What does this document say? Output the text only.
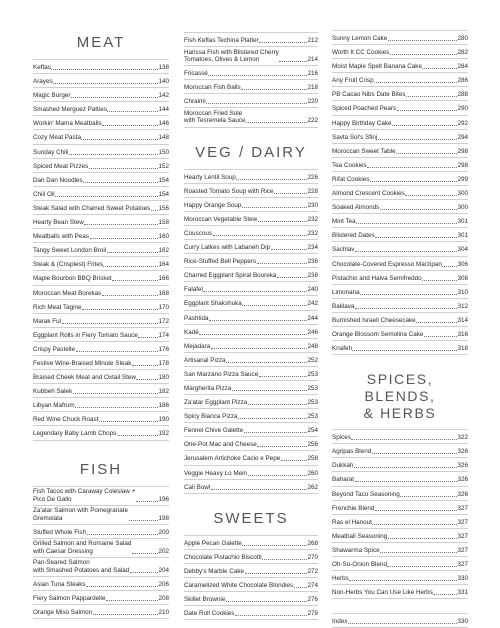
MEAT
Keftas	138
Arayes	140
Magic Burger	142
Smashed Merguez Patties	144
Workin' Mama Meatballs	146
Cozy Meat Pasta	148
Sunday Chili	150
Spiced Meat Pizzes	152
Dan Dan Noodles	154
Chili Oil	154
Steak Salad with Charred Sweet Potatoes 156
Hearty Bean Stew	158
Meatballs with Peas	160
Tangy Sweet London Broil	162
Steak & (Crispiest) Frites	164
Maple Bourbon BBQ Brisket	166
Moroccan Meat Borekas	168
Rich Meat Tagine	170
Marak Ful	172
Eggplant Rolls in Fiery Tomato Sauce	174
Crispy Pastelle	176
Festive Wine-Braised Minute Steak	178
Braised Cheek Meat and Oxtail Stew	180
Kubbeh Salek	182
Libyan Mafrum	186
Red Wine Chuck Roast	190
Legendary Baby Lamb Chops	192
FISH
Fish Tacos with Caraway Coleslaw +
Pico De Gallo	196
Za'atar Salmon with Pomegranate
Gremolata	198
Stuffed Whole Fish	200
Grilled Salmon and Romaine Salad
with Caesar Dressing	202
Pan-Seared Salmon
with Smashed Potatoes and Salad	204
Asian Tuna Steaks	206
Fiery Salmon Pappardelle	208
Orange Miso Salmon	210
Fish Keftas Techina Platter	212
Harissa Fish with Blistered Cherry
Tomatoes, Olives & Lemon	214
Fricassé	216
Moroccan Fish Balls	218
Chraimi	220
Moroccan Fried Sole
with Tesremela Sauce	222
VEG / DAIRY
Hearty Lentil Soup	226
Roasted Tomato Soup with Rice	228
Happy Orange Soup	230
Moroccan Vegetable Stew	232
Couscous	232
Curry Latkes with Labaneh Dip	234
Rice-Stuffed Bell Peppers	236
Charred Eggplant Spiral Boureka	238
Falafel	240
Eggplant Shakshuka	242
Pashtida	244
Kadé	246
Mejadara	248
Artisanal Pizza	252
San Marzano Pizza Sauce	253
Margherita Pizza	253
Za'atar Eggplant Pizza	253
Spicy Bianca Pizza	253
Fennel Chive Galette	254
One-Pot Mac and Cheese	256
Jerusalem Artichoke Cacio e Pepe	258
Veggie Heavy Lo Mein	260
Cali Bowl	262
SWEETS
Apple Pecan Galette	268
Chocolate Pistachio Biscotti	270
Debby's Marble Cake	272
Caramelized White Chocolate Blondies 274
Skillet Brownie	276
Date Roll Cookies	278
Sunny Lemon Cake	280
Worth It CC Cookies	282
Moist Maple Spelt Banana Cake	284
Any Fruit Crisp	286
PB Cacao Nibs Date Bites	288
Spiced Poached Pears	290
Happy Birthday Cake	292
Savta Sol's Sfinj	294
Moroccan Sweet Table	298
Tea Cookies	298
Rifat Cookies	299
Almond Crescent Cookies	300
Soaked Almonds	300
Mint Tea	301
Blistered Dates	301
Sachlav	304
Chocolate-Covered Espresso Marzipan 306
Pistachio and Halva Semifreddo	308
Limonana	310
Baklava	312
Burnished Israeli Cheesecake	314
Orange Blossom Semolina Cake	316
Knafeh	318
SPICES, BLENDS,
& HERBS
Spices	322
Agripas Blend	326
Dukkah	326
Baharat	326
Beyond Taco Seasoning	326
Frenchie Blend	327
Ras el Hanout	327
Meatball Seasoning	327
Shawarma Spice	327
Oh-So-Onion Blend	327
Herbs	330
Non-Herbs You Can Use Like Herbs	331
Index	330
